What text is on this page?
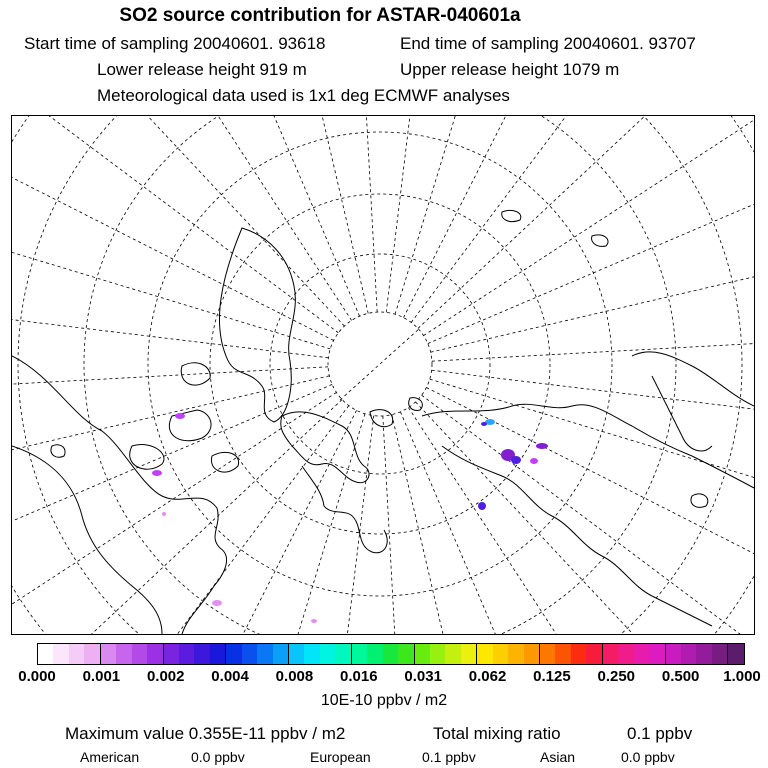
SO2 source contribution for ASTAR-040601a
Start time of sampling 20040601. 93618	End time of sampling 20040601. 93707
Lower release height 919 m	Upper release height 1079 m
Meteorological data used is 1x1 deg ECMWF analyses
0.000 0.001 0.002 0.004 0.008 0.016 0.031 0.062 0.125 0.250 0.500 1.000
10E-10 ppbv / m2
Maximum value 0.355E-11 ppbv / m2	Total mixing ratio	0.1 ppbv
American	0.0 ppbv	European	0.1 ppbv	Asian	0.0 ppbv
